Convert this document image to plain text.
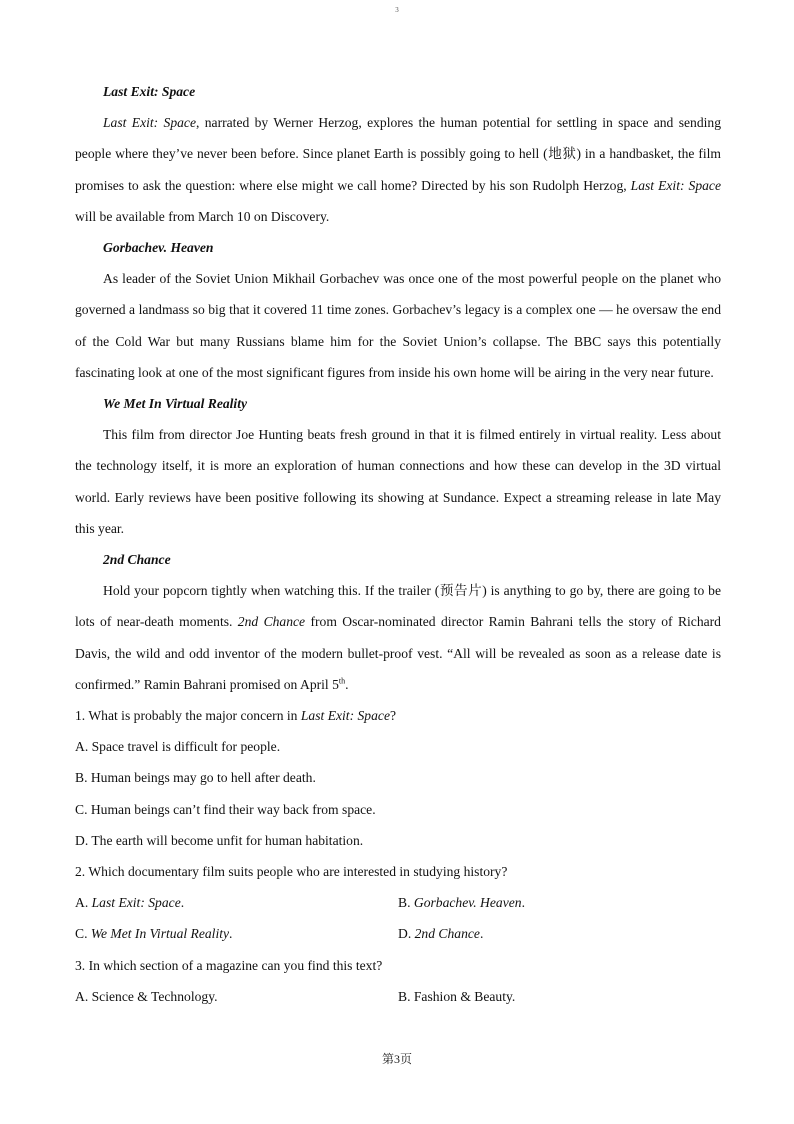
3

Last Exit: Space

Last Exit: Space, narrated by Werner Herzog, explores the human potential for settling in space and sending people where they’ve never been before. Since planet Earth is possibly going to hell (地狱) in a handbasket, the film promises to ask the question: where else might we call home? Directed by his son Rudolph Herzog, Last Exit: Space will be available from March 10 on Discovery.

Gorbachev. Heaven

As leader of the Soviet Union Mikhail Gorbachev was once one of the most powerful people on the planet who governed a landmass so big that it covered 11 time zones. Gorbachev’s legacy is a complex one — he oversaw the end of the Cold War but many Russians blame him for the Soviet Union’s collapse. The BBC says this potentially fascinating look at one of the most significant figures from inside his own home will be airing in the very near future.

We Met In Virtual Reality

This film from director Joe Hunting beats fresh ground in that it is filmed entirely in virtual reality. Less about the technology itself, it is more an exploration of human connections and how these can develop in the 3D virtual world. Early reviews have been positive following its showing at Sundance. Expect a streaming release in late May this year.

2nd Chance

Hold your popcorn tightly when watching this. If the trailer (预告片) is anything to go by, there are going to be lots of near-death moments. 2nd Chance from Oscar-nominated director Ramin Bahrani tells the story of Richard Davis, the wild and odd inventor of the modern bullet-proof vest. “All will be revealed as soon as a release date is confirmed.” Ramin Bahrani promised on April 5th.

1. What is probably the major concern in Last Exit: Space?

A. Space travel is difficult for people.

B. Human beings may go to hell after death.

C. Human beings can’t find their way back from space.

D. The earth will become unfit for human habitation.

2. Which documentary film suits people who are interested in studying history?

A. Last Exit: Space.	B. Gorbachev. Heaven.
C. We Met In Virtual Reality.	D. 2nd Chance.

3. In which section of a magazine can you find this text?

A. Science & Technology.	B. Fashion & Beauty.
第3页
